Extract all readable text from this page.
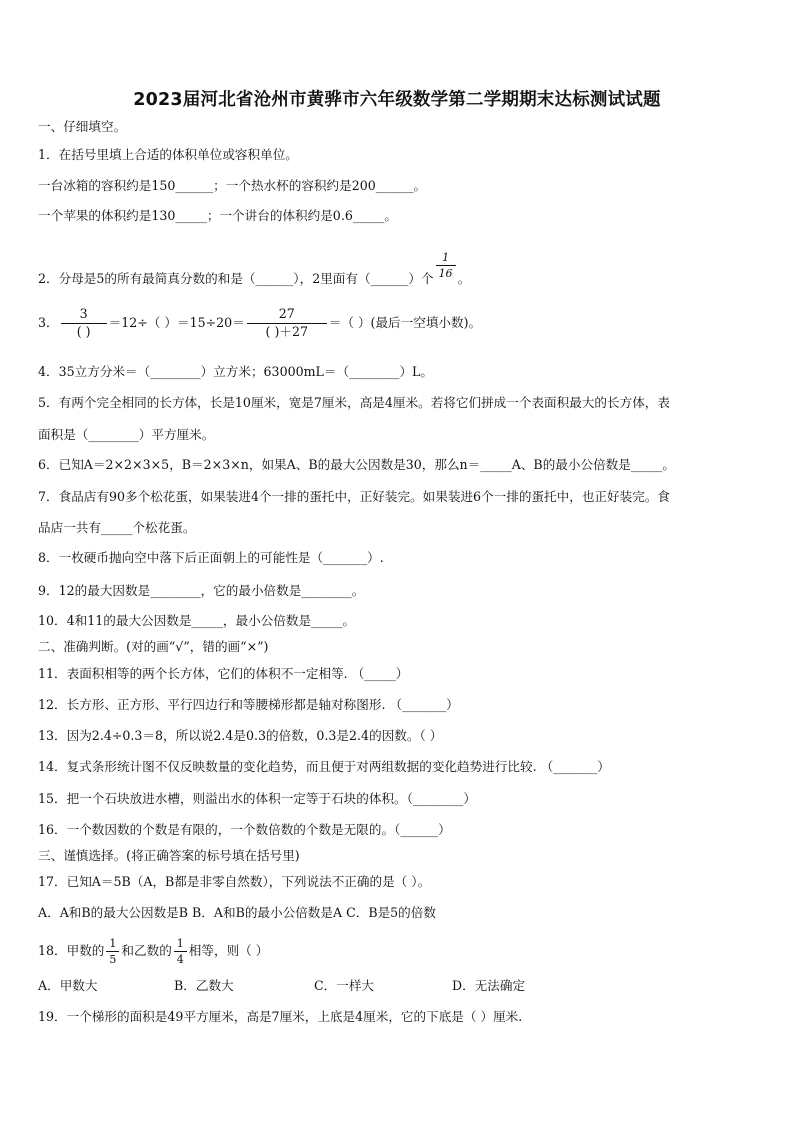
2023届河北省沧州市黄骅市六年级数学第二学期期末达标测试试题
一、仔细填空。
1．在括号里填上合适的体积单位或容积单位。
一台冰箱的容积约是150______；一个热水杯的容积约是200______。
一个苹果的体积约是130_____；一个讲台的体积约是0.6_____。
2．分母是5的所有最简真分数的和是（______），2里面有（______）个 $\frac{1}{16}$ 。
3． $\frac{3}{( )} =12\div$（ ）$=15\div 20= \frac{27}{( )+27}$ ＝（ ）(最后一空填小数)。
4．35立方分米＝（________）立方米；63000mL＝（________）L。
5．有两个完全相同的长方体，长是10厘米，宽是7厘米，高是4厘米。若将它们拼成一个表面积最大的长方体，表
面积是（________）平方厘米。
6．已知A＝2×2×3×5，B＝2×3×n，如果A、B的最大公因数是30，那么n＝_____A、B的最小公倍数是_____。
7．食品店有90多个松花蛋，如果装进4个一排的蛋托中，正好装完。如果装进6个一排的蛋托中，也正好装完。食
品店一共有_____个松花蛋。
8．一枚硬币抛向空中落下后正面朝上的可能性是（_______）.
9．12的最大因数是________，它的最小倍数是________。
10．4和11的最大公因数是_____，最小公倍数是_____。
二、准确判断。(对的画“√”，错的画“×”)
11．表面积相等的两个长方体，它们的体积不一定相等. （_____）
12．长方形、正方形、平行四边行和等腰梯形都是轴对称图形. （_______）
13．因为2.4÷0.3＝8，所以说2.4是0.3的倍数，0.3是2.4的因数。（ ）
14．复式条形统计图不仅反映数量的变化趋势，而且便于对两组数据的变化趋势进行比较. （_______）
15．把一个石块放进水槽，则溢出水的体积一定等于石块的体积。（________）
16．一个数因数的个数是有限的，一个数倍数的个数是无限的。（______）
三、谨慎选择。(将正确答案的标号填在括号里)
17．已知A＝5B（A，B都是非零自然数），下列说法不正确的是（ ）。
A．A和B的最大公因数是B B．A和B的最小公倍数是A C．B是5的倍数
18．甲数的 $\frac{1}{5}$ 和乙数的 $\frac{1}{4}$ 相等，则（ ）
A．甲数大	B．乙数大	C．一样大	D．无法确定
19．一个梯形的面积是49平方厘米，高是7厘米，上底是4厘米，它的下底是（ ）厘米.
